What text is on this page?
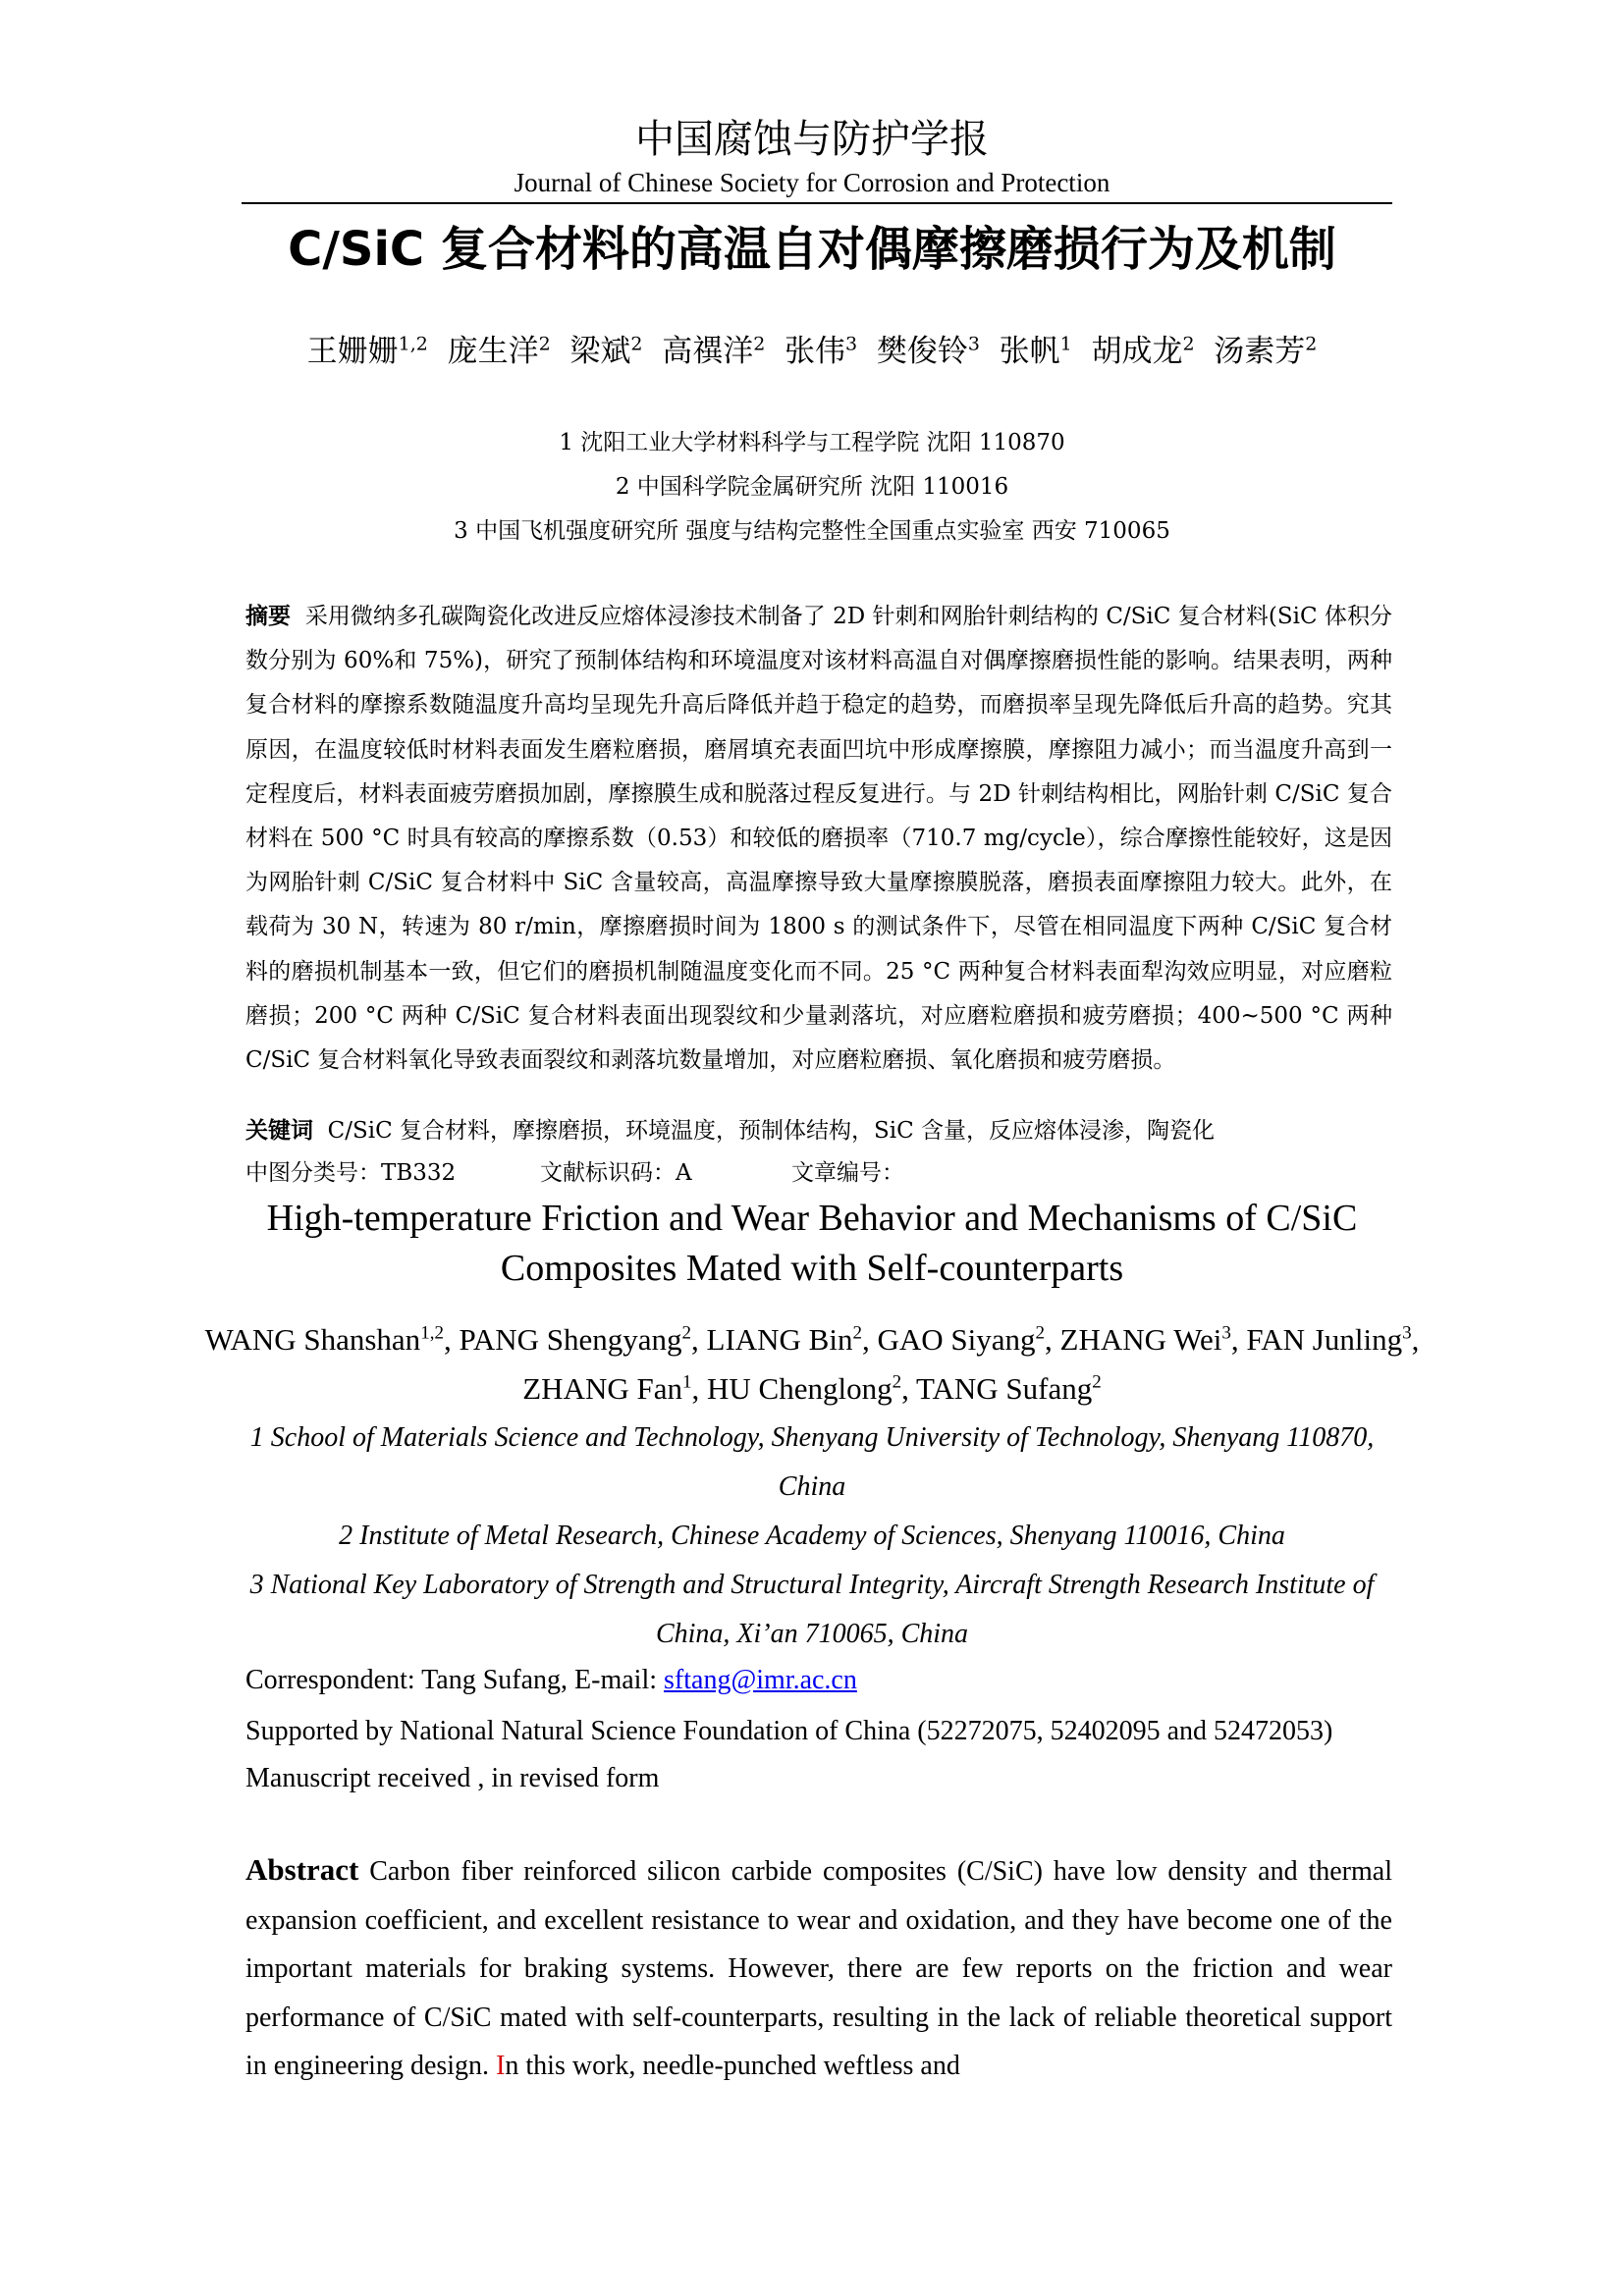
中国腐蚀与防护学报
Journal of Chinese Society for Corrosion and Protection
C/SiC 复合材料的高温自对偶摩擦磨损行为及机制
王姗姗$^{1,2}$ 庞生洋$^2$ 梁斌$^2$ 高禩洋$^2$ 张伟$^3$ 樊俊铃$^3$ 张帆$^1$ 胡成龙$^2$ 汤素芳$^2$
1 沈阳工业大学材料科学与工程学院 沈阳 110870
2 中国科学院金属研究所 沈阳 110016
3 中国飞机强度研究所 强度与结构完整性全国重点实验室 西安 710065
摘要 采用微纳多孔碳陶瓷化改进反应熔体浸渗技术制备了 2D 针刺和网胎针刺结构的 C/SiC 复合材料(SiC 体积分数分别为 60%和 75%)，研究了预制体结构和环境温度对该材料高温自对偶摩擦磨损性能的影响。结果表明，两种复合材料的摩擦系数随温度升高均呈现先升高后降低并趋于稳定的趋势，而磨损率呈现先降低后升高的趋势。究其原因，在温度较低时材料表面发生磨粒磨损，磨屑填充表面凹坑中形成摩擦膜，摩擦阻力减小；而当温度升高到一定程度后，材料表面疲劳磨损加剧，摩擦膜生成和脱落过程反复进行。与 2D 针刺结构相比，网胎针刺 C/SiC 复合材料在 500 °C 时具有较高的摩擦系数（0.53）和较低的磨损率（710.7 mg/cycle），综合摩擦性能较好，这是因为网胎针刺 C/SiC 复合材料中 SiC 含量较高，高温摩擦导致大量摩擦膜脱落，磨损表面摩擦阻力较大。此外，在载荷为 30 N，转速为 80 r/min，摩擦磨损时间为 1800 s 的测试条件下，尽管在相同温度下两种 C/SiC 复合材料的磨损机制基本一致，但它们的磨损机制随温度变化而不同。25 °C 两种复合材料表面犁沟效应明显，对应磨粒磨损；200 °C 两种 C/SiC 复合材料表面出现裂纹和少量剥落坑，对应磨粒磨损和疲劳磨损；400~500 °C 两种 C/SiC 复合材料氧化导致表面裂纹和剥落坑数量增加，对应磨粒磨损、氧化磨损和疲劳磨损。
关键词 C/SiC 复合材料，摩擦磨损，环境温度，预制体结构，SiC 含量，反应熔体浸渗，陶瓷化
中图分类号：TB332	文献标识码：A	文章编号：
High-temperature Friction and Wear Behavior and Mechanisms of C/SiC Composites Mated with Self-counterparts
WANG Shanshan$^{1,2}$, PANG Shengyang$^2$, LIANG Bin$^2$, GAO Siyang$^2$, ZHANG Wei$^3$, FAN Junling$^3$, ZHANG Fan$^1$, HU Chenglong$^2$, TANG Sufang$^2$
1 School of Materials Science and Technology, Shenyang University of Technology, Shenyang 110870, China
2 Institute of Metal Research, Chinese Academy of Sciences, Shenyang 110016, China
3 National Key Laboratory of Strength and Structural Integrity, Aircraft Strength Research Institute of China, Xi’an 710065, China
Correspondent: Tang Sufang, E-mail: sftang@imr.ac.cn
Supported by National Natural Science Foundation of China (52272075, 52402095 and 52472053)
Manuscript received , in revised form
Abstract Carbon fiber reinforced silicon carbide composites (C/SiC) have low density and thermal expansion coefficient, and excellent resistance to wear and oxidation, and they have become one of the important materials for braking systems. However, there are few reports on the friction and wear performance of C/SiC mated with self-counterparts, resulting in the lack of reliable theoretical support in engineering design. In this work, needle-punched weftless and
